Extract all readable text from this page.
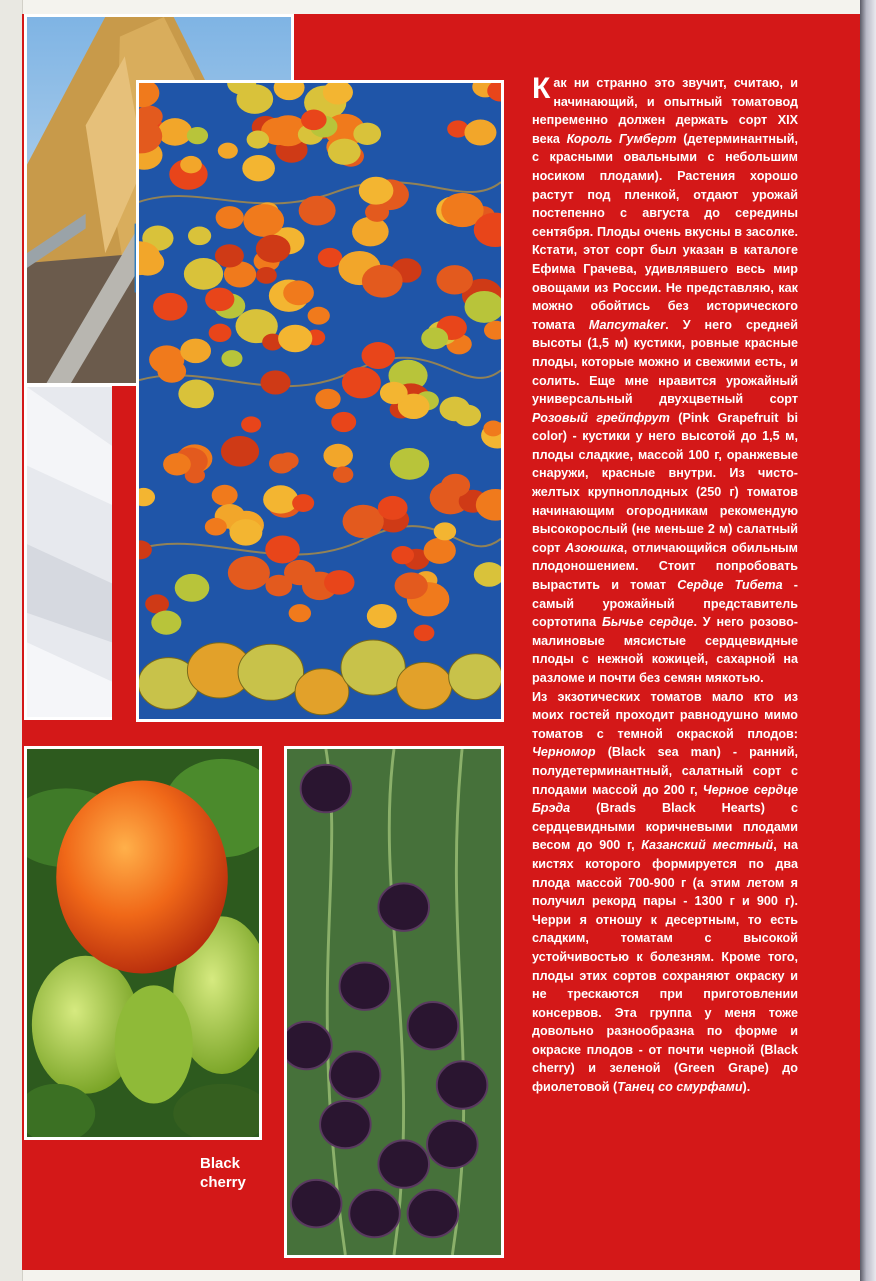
Black
cherry

Как ни странно это звучит, считаю, и начинающий, и опытный томатовод непременно должен держать сорт XIX века Король Гумберт (детерминантный, с красными овальными с небольшим носиком плодами). Растения хорошо растут под пленкой, отдают урожай постепенно с августа до середины сентября. Плоды очень вкусны в засолке. Кстати, этот сорт был указан в каталоге Ефима Грачева, удивлявшего весь мир овощами из России. Не представляю, как можно обойтись без исторического томата Мапсутaker. У него средней высоты (1,5 м) кустики, ровные красные плоды, которые можно и свежими есть, и солить. Еще мне нравится урожайный универсальный двухцветный сорт Розовый грейпфрут (Pink Grapefruit bi color) - кустики у него высотой до 1,5 м, плоды сладкие, массой 100 г, оранжевые снаружи, красные внутри. Из чисто-желтых крупноплодных (250 г) томатов начинающим огородникам рекомендую высокорослый (не меньше 2 м) салатный сорт Азоюшка, отличающийся обильным плодоношением. Стоит попробовать вырастить и томат Сердце Тибета - самый урожайный представитель сортотипа Бычье сердце. У него розово-малиновые мясистые сердцевидные плоды с нежной кожицей, сахарной на разломе и почти без семян мякотью.

Из экзотических томатов мало кто из моих гостей проходит равнодушно мимо томатов с темной окраской плодов: Черномор (Black sea man) - ранний, полудетерминантный, салатный сорт с плодами массой до 200 г, Черное сердце Брэда (Brads Black Hearts) с сердцевидными коричневыми плодами весом до 900 г, Казанский местный, на кистях которого формируется по два плода массой 700-900 г (а этим летом я получил рекорд пары - 1300 г и 900 г). Черри я отношу к десертным, то есть сладким, томатам с высокой устойчивостью к болезням. Кроме того, плоды этих сортов сохраняют окраску и не трескаются при приготовлении консервов. Эта группа у меня тоже довольно разнообразна по форме и окраске плодов - от почти черной (Black cherry) и зеленой (Green Grape) до фиолетовой (Танец со смурфами).
